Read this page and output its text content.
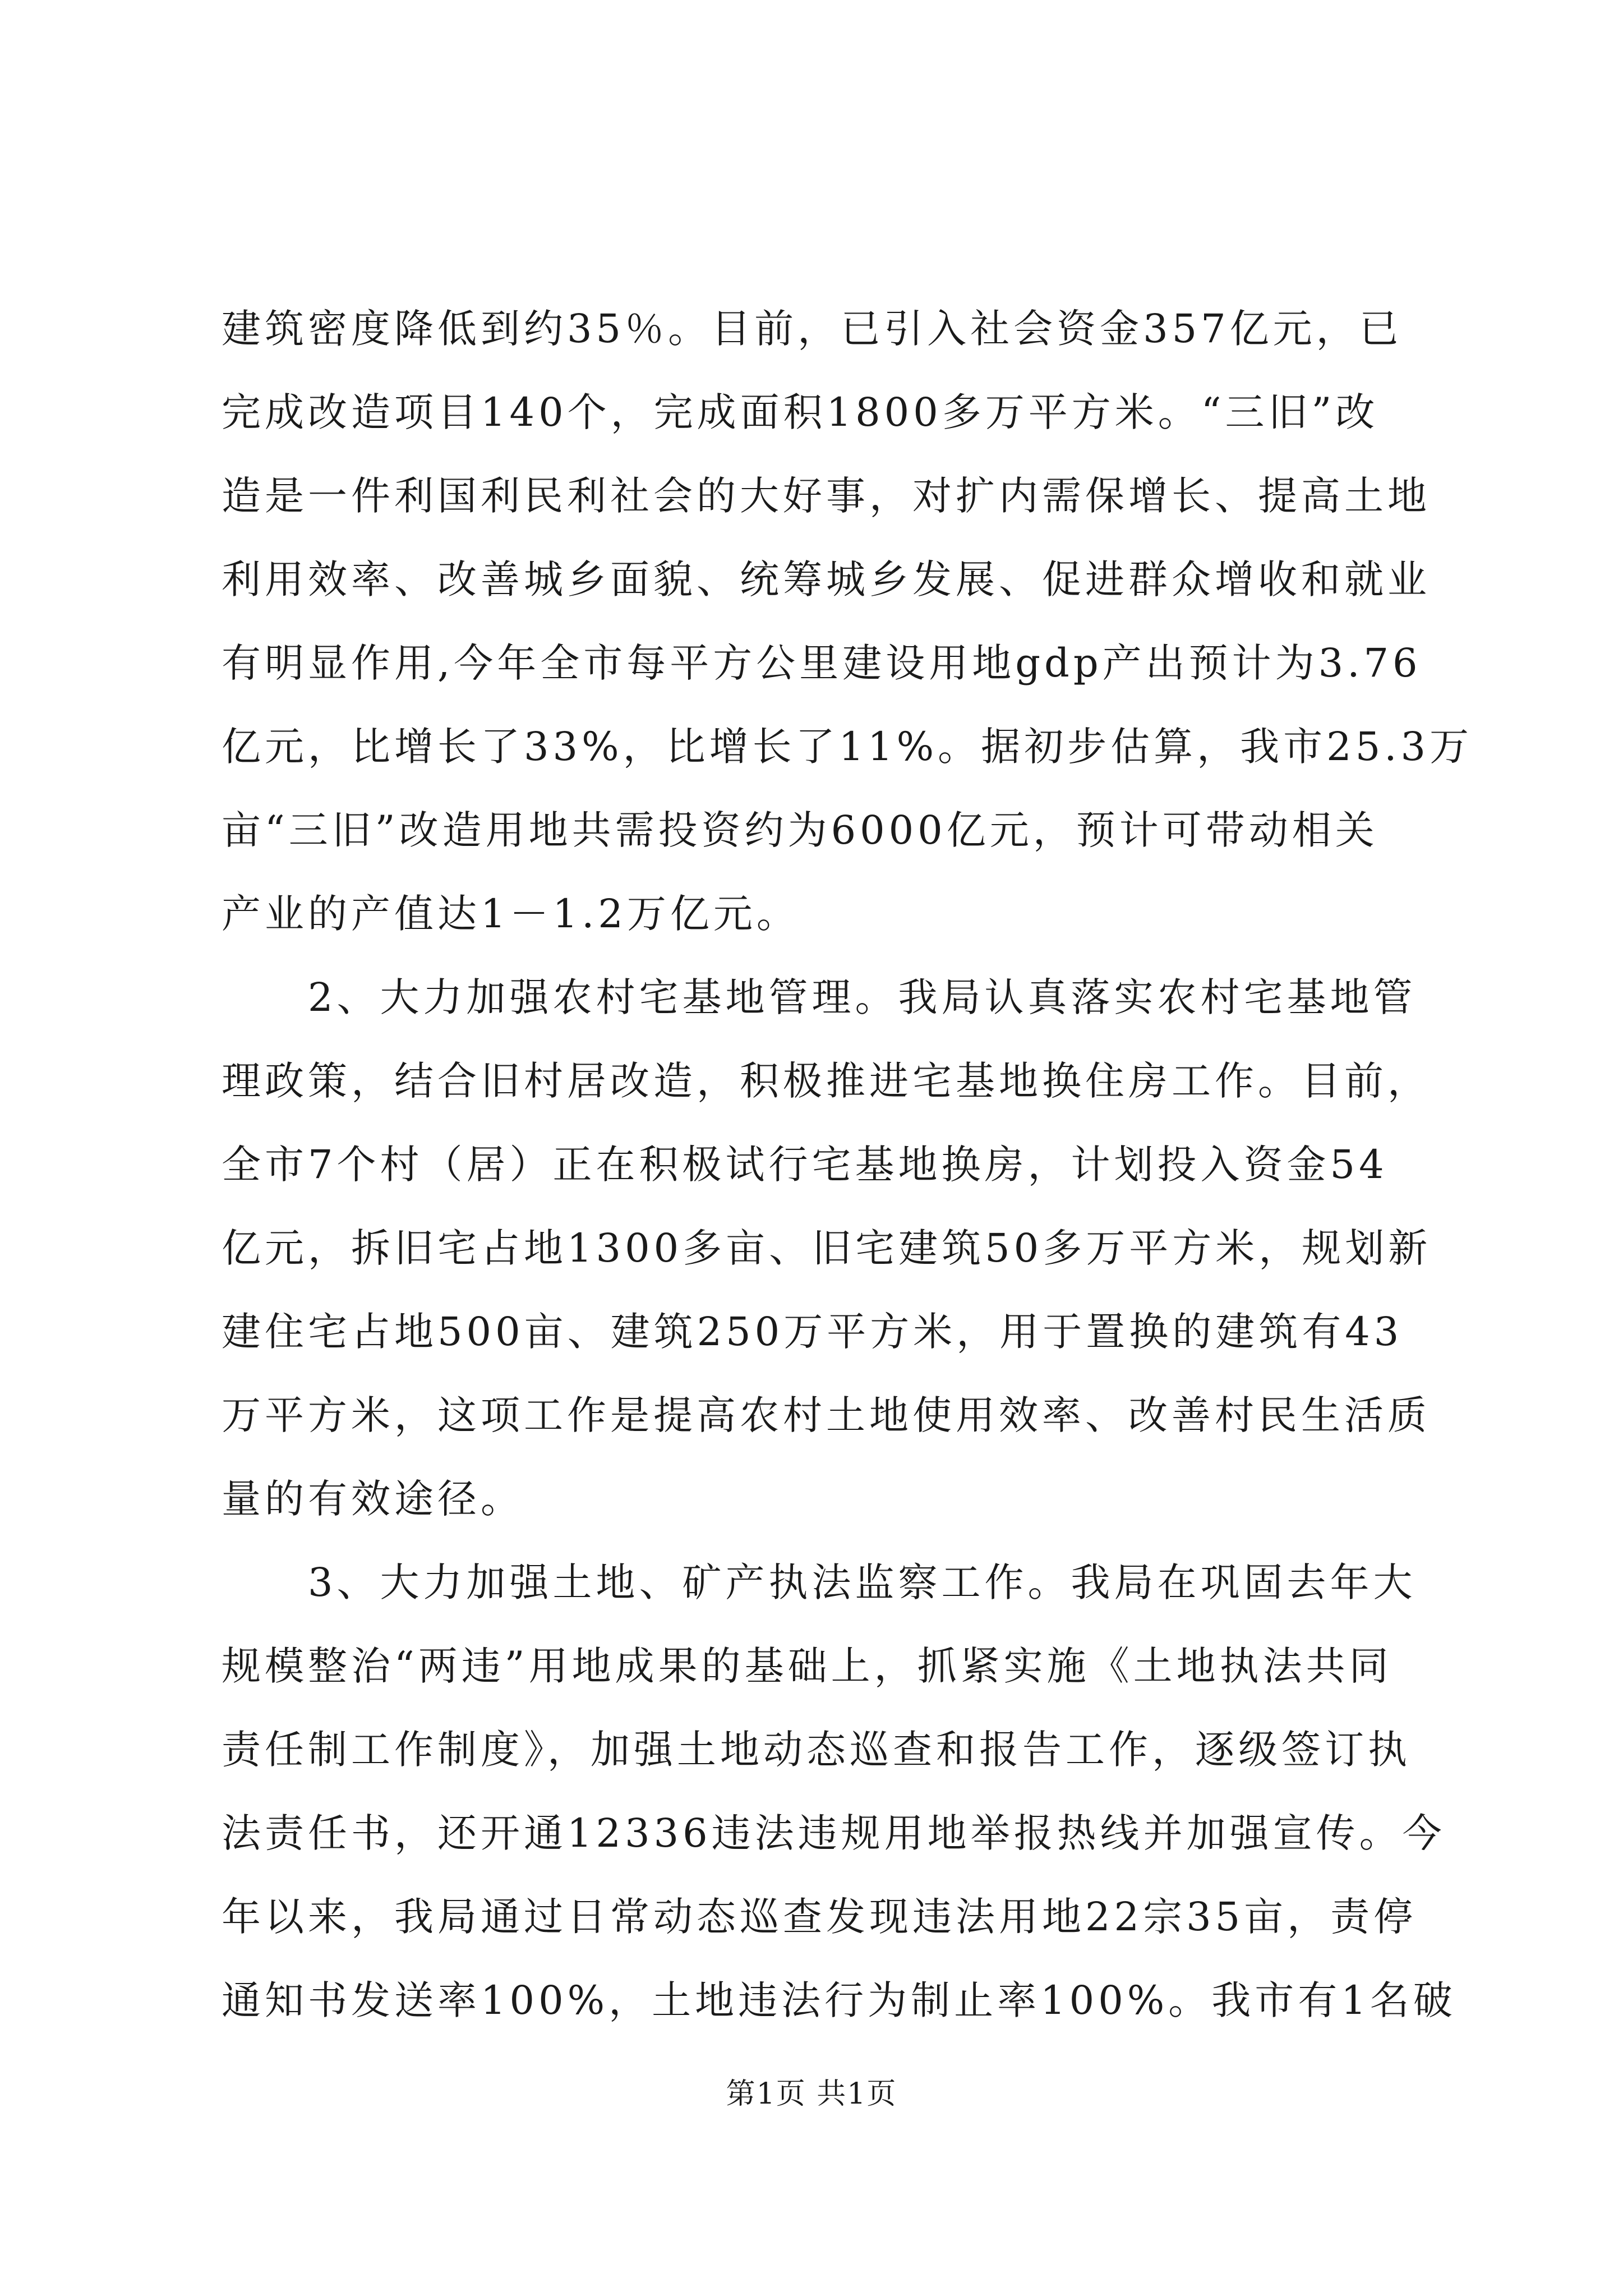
建筑密度降低到约35％。目前，已引入社会资金357亿元，已
完成改造项目140个，完成面积1800多万平方米。“三旧”改
造是一件利国利民利社会的大好事，对扩内需保增长、提高土地
利用效率、改善城乡面貌、统筹城乡发展、促进群众增收和就业
有明显作用,今年全市每平方公里建设用地gdp产出预计为3.76
亿元，比增长了33%，比增长了11%。据初步估算，我市25.3万
亩“三旧”改造用地共需投资约为6000亿元，预计可带动相关
产业的产值达1－1.2万亿元。
　　2、大力加强农村宅基地管理。我局认真落实农村宅基地管
理政策，结合旧村居改造，积极推进宅基地换住房工作。目前，
全市7个村（居）正在积极试行宅基地换房，计划投入资金54
亿元，拆旧宅占地1300多亩、旧宅建筑50多万平方米，规划新
建住宅占地500亩、建筑250万平方米，用于置换的建筑有43
万平方米，这项工作是提高农村土地使用效率、改善村民生活质
量的有效途径。
　　3、大力加强土地、矿产执法监察工作。我局在巩固去年大
规模整治“两违”用地成果的基础上，抓紧实施《土地执法共同
责任制工作制度》，加强土地动态巡查和报告工作，逐级签订执
法责任书，还开通12336违法违规用地举报热线并加强宣传。今
年以来，我局通过日常动态巡查发现违法用地22宗35亩，责停
通知书发送率100%，土地违法行为制止率100%。我市有1名破
第1页 共1页
